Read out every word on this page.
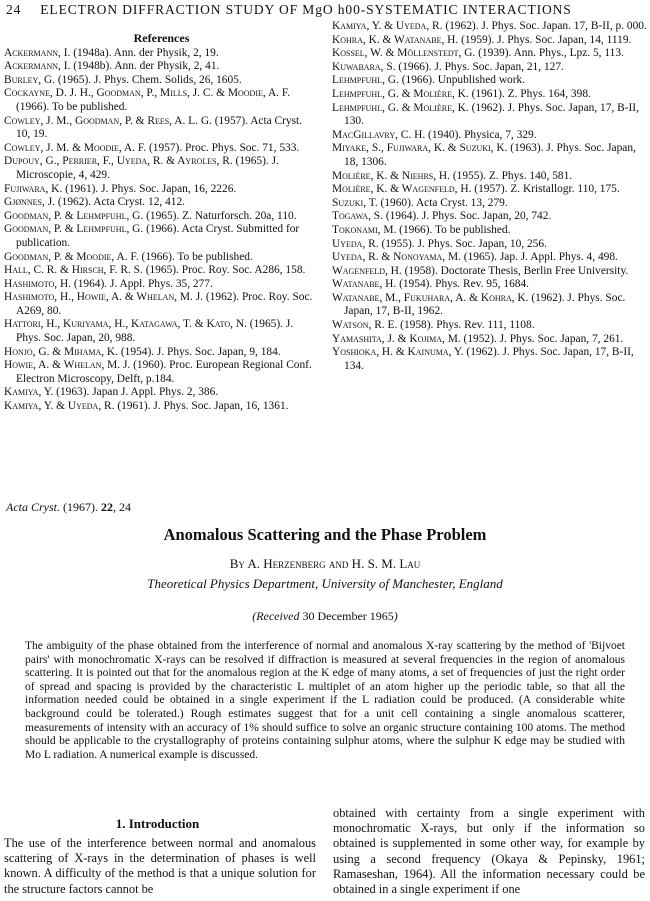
24 ELECTRON DIFFRACTION STUDY OF MgO h00-SYSTEMATIC INTERACTIONS
References

Ackermann, I. (1948a). Ann. der Physik, 2, 19.

Ackermann, I. (1948b). Ann. der Physik, 2, 41.

Burley, G. (1965). J. Phys. Chem. Solids, 26, 1605.

Cockayne, D. J. H., Goodman, P., Mills, J. C. & Moodie, A. F. (1966). To be published.

Cowley, J. M., Goodman, P. & Rees, A. L. G. (1957). Acta Cryst. 10, 19.

Cowley, J. M. & Moodie, A. F. (1957). Proc. Phys. Soc. 71, 533.

Dupouy, G., Perrier, F., Uyeda, R. & Ayroles, R. (1965). J. Microscopie, 4, 429.

Fujiwara, K. (1961). J. Phys. Soc. Japan, 16, 2226.

Gjønnes, J. (1962). Acta Cryst. 12, 412.

Goodman, P. & Lehmpfuhl, G. (1965). Z. Naturforsch. 20a, 110.

Goodman, P. & Lehmpfuhl, G. (1966). Acta Cryst. Submitted for publication.

Goodman, P. & Moodie, A. F. (1966). To be published.

Hall, C. R. & Hirsch, F. R. S. (1965). Proc. Roy. Soc. A286, 158.

Hashimoto, H. (1964). J. Appl. Phys. 35, 277.

Hashimoto, H., Howie, A. & Whelan, M. J. (1962). Proc. Roy. Soc. A269, 80.

Hattori, H., Kuriyama, H., Katagawa, T. & Kato, N. (1965). J. Phys. Soc. Japan, 20, 988.

Honjo, G. & Mihama, K. (1954). J. Phys. Soc. Japan, 9, 184.

Howie, A. & Whelan, M. J. (1960). Proc. European Regional Conf. Electron Microscopy, Delft, p.184.

Kamiya, Y. (1963). Japan J. Appl. Phys. 2, 386.

Kamiya, Y. & Uyeda, R. (1961). J. Phys. Soc. Japan, 16, 1361.

Kamiya, Y. & Uyeda, R. (1962). J. Phys. Soc. Japan. 17, B-II, p. 000.

Kohra, K. & Watanabe, H. (1959). J. Phys. Soc. Japan, 14, 1119.

Kossel, W. & Möllenstedt, G. (1939). Ann. Phys., Lpz. 5, 113.

Kuwabara, S. (1966). J. Phys. Soc. Japan, 21, 127.

Lehmpfuhl, G. (1966). Unpublished work.

Lehmpfuhl, G. & Molière, K. (1961). Z. Phys. 164, 398.

Lehmpfuhl, G. & Molière, K. (1962). J. Phys. Soc. Japan, 17, B-II, 130.

MacGillavry, C. H. (1940). Physica, 7, 329.

Miyake, S., Fujiwara, K. & Suzuki, K. (1963). J. Phys. Soc. Japan, 18, 1306.

Molière, K. & Niehrs, H. (1955). Z. Phys. 140, 581.

Molière, K. & Wagenfeld, H. (1957). Z. Kristallogr. 110, 175.

Suzuki, T. (1960). Acta Cryst. 13, 279.

Togawa, S. (1964). J. Phys. Soc. Japan, 20, 742.

Tokonami, M. (1966). To be published.

Uyeda, R. (1955). J. Phys. Soc. Japan, 10, 256.

Uyeda, R. & Nonoyama, M. (1965). Jap. J. Appl. Phys. 4, 498.

Wagenfeld, H. (1958). Doctorate Thesis, Berlin Free University.

Watanabe, H. (1954). Phys. Rev. 95, 1684.

Watanabe, M., Fukuhara, A. & Kohra, K. (1962). J. Phys. Soc. Japan, 17, B-II, 1962.

Watson, R. E. (1958). Phys. Rev. 111, 1108.

Yamashita, J. & Kojima, M. (1952). J. Phys. Soc. Japan, 7, 261.

Yoshioka, H. & Kainuma, Y. (1962). J. Phys. Soc. Japan, 17, B-II, 134.

Acta Cryst. (1967). 22, 24
Anomalous Scattering and the Phase Problem
By A. Herzenberg and H. S. M. Lau
Theoretical Physics Department, University of Manchester, England
(Received 30 December 1965)

The ambiguity of the phase obtained from the interference of normal and anomalous X-ray scattering by the method of 'Bijvoet pairs' with monochromatic X-rays can be resolved if diffraction is measured at several frequencies in the region of anomalous scattering. It is pointed out that for the anomalous region at the K edge of many atoms, a set of frequencies of just the right order of spread and spacing is provided by the characteristic L multiplet of an atom higher up the periodic table, so that all the information needed could be obtained in a single experiment if the L radiation could be produced. (A considerable white background could be tolerated.) Rough estimates suggest that for a unit cell containing a single anomalous scatterer, measurements of intensity with an accuracy of 1% should suffice to solve an organic structure containing 100 atoms. The method should be applicable to the crystallography of proteins containing sulphur atoms, where the sulphur K edge may be studied with Mo L radiation. A numerical example is discussed.

1. Introduction

The use of the interference between normal and anomalous scattering of X-rays in the determination of phases is well known. A difficulty of the method is that a unique solution for the structure factors cannot be

obtained with certainty from a single experiment with monochromatic X-rays, but only if the information so obtained is supplemented in some other way, for example by using a second frequency (Okaya & Pepinsky, 1961; Ramaseshan, 1964). All the information necessary could be obtained in a single experiment if one
